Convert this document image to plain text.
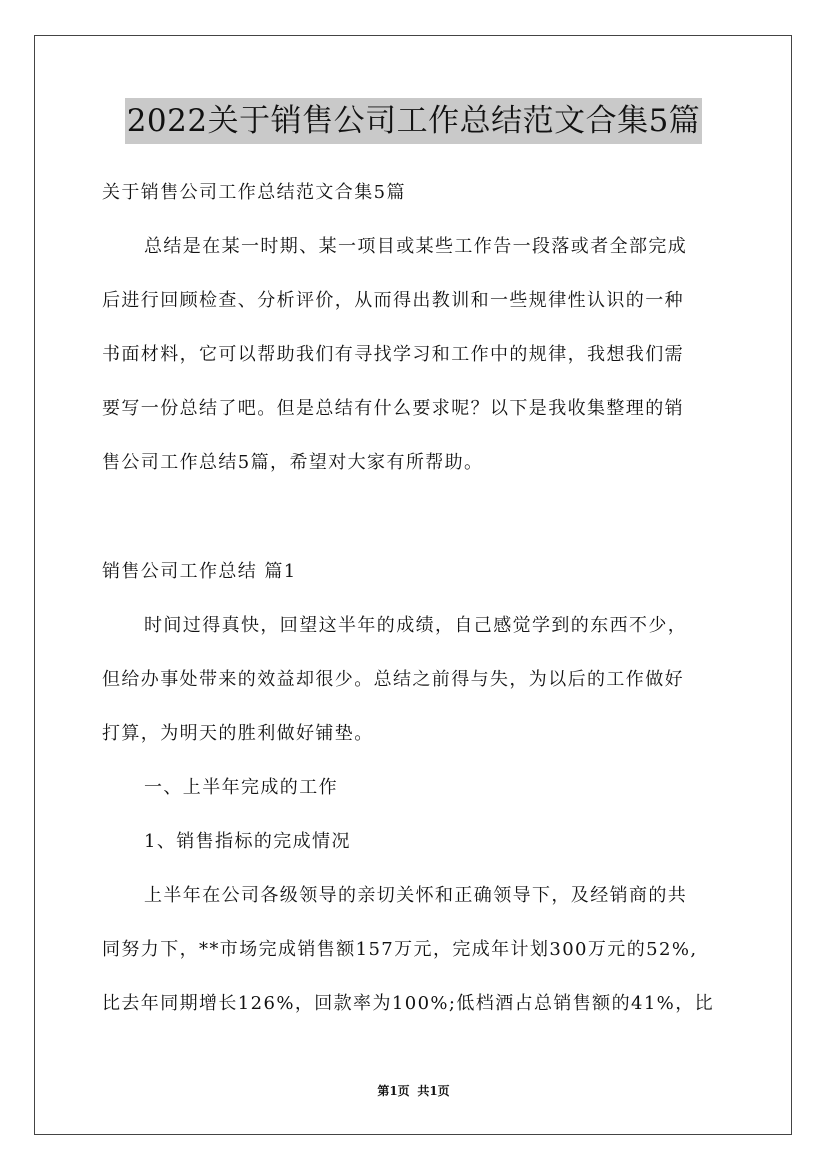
2022关于销售公司工作总结范文合集5篇
关于销售公司工作总结范文合集5篇
总结是在某一时期、某一项目或某些工作告一段落或者全部完成
后进行回顾检查、分析评价，从而得出教训和一些规律性认识的一种
书面材料，它可以帮助我们有寻找学习和工作中的规律，我想我们需
要写一份总结了吧。但是总结有什么要求呢？以下是我收集整理的销
售公司工作总结5篇，希望对大家有所帮助。
销售公司工作总结 篇1
时间过得真快，回望这半年的成绩，自己感觉学到的东西不少，
但给办事处带来的效益却很少。总结之前得与失，为以后的工作做好
打算，为明天的胜利做好铺垫。
一、上半年完成的工作
1、销售指标的完成情况
上半年在公司各级领导的亲切关怀和正确领导下，及经销商的共
同努力下，**市场完成销售额157万元，完成年计划300万元的52%,
比去年同期增长126%，回款率为100%;低档酒占总销售额的41%，比
第1页 共1页
